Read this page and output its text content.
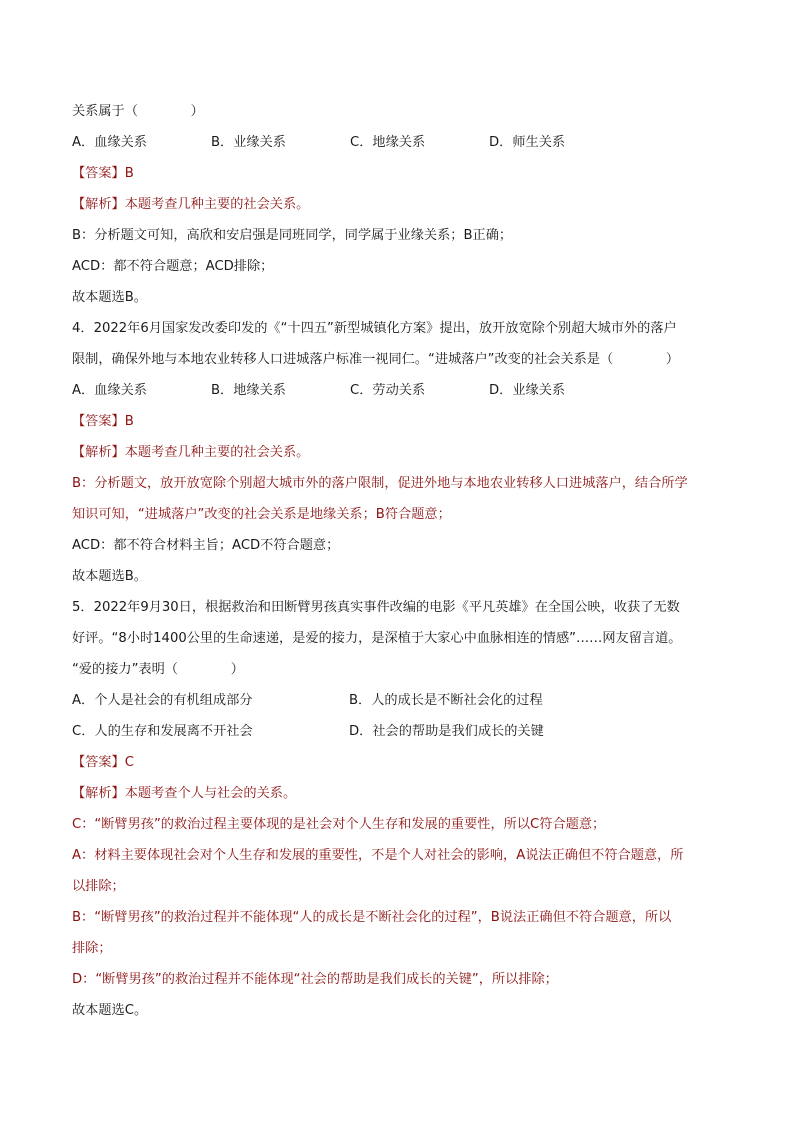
关系属于（　　　　）
A．血缘关系	B．业缘关系	C．地缘关系	D．师生关系
【答案】B
【解析】本题考查几种主要的社会关系。
B：分析题文可知，高欣和安启强是同班同学，同学属于业缘关系；B正确；
ACD：都不符合题意；ACD排除；
故本题选B。
4．2022年6月国家发改委印发的《“十四五”新型城镇化方案》提出，放开放宽除个别超大城市外的落户
限制，确保外地与本地农业转移人口进城落户标准一视同仁。“进城落户”改变的社会关系是（　　　　）
A．血缘关系	B．地缘关系	C．劳动关系	D．业缘关系
【答案】B
【解析】本题考查几种主要的社会关系。
B：分析题文，放开放宽除个别超大城市外的落户限制，促进外地与本地农业转移人口进城落户，结合所学
知识可知，“进城落户”改变的社会关系是地缘关系；B符合题意；
ACD：都不符合材料主旨；ACD不符合题意；
故本题选B。
5．2022年9月30日，根据救治和田断臂男孩真实事件改编的电影《平凡英雄》在全国公映，收获了无数
好评。“8小时1400公里的生命速递，是爱的接力，是深植于大家心中血脉相连的情感”……网友留言道。
“爱的接力”表明（　　　　）
A．个人是社会的有机组成部分	B．人的成长是不断社会化的过程
C．人的生存和发展离不开社会	D．社会的帮助是我们成长的关键
【答案】C
【解析】本题考查个人与社会的关系。
C：“断臂男孩”的救治过程主要体现的是社会对个人生存和发展的重要性，所以C符合题意；
A：材料主要体现社会对个人生存和发展的重要性，不是个人对社会的影响，A说法正确但不符合题意，所
以排除；
B：“断臂男孩”的救治过程并不能体现“人的成长是不断社会化的过程”，B说法正确但不符合题意，所以
排除；
D：“断臂男孩”的救治过程并不能体现“社会的帮助是我们成长的关键”，所以排除；
故本题选C。
